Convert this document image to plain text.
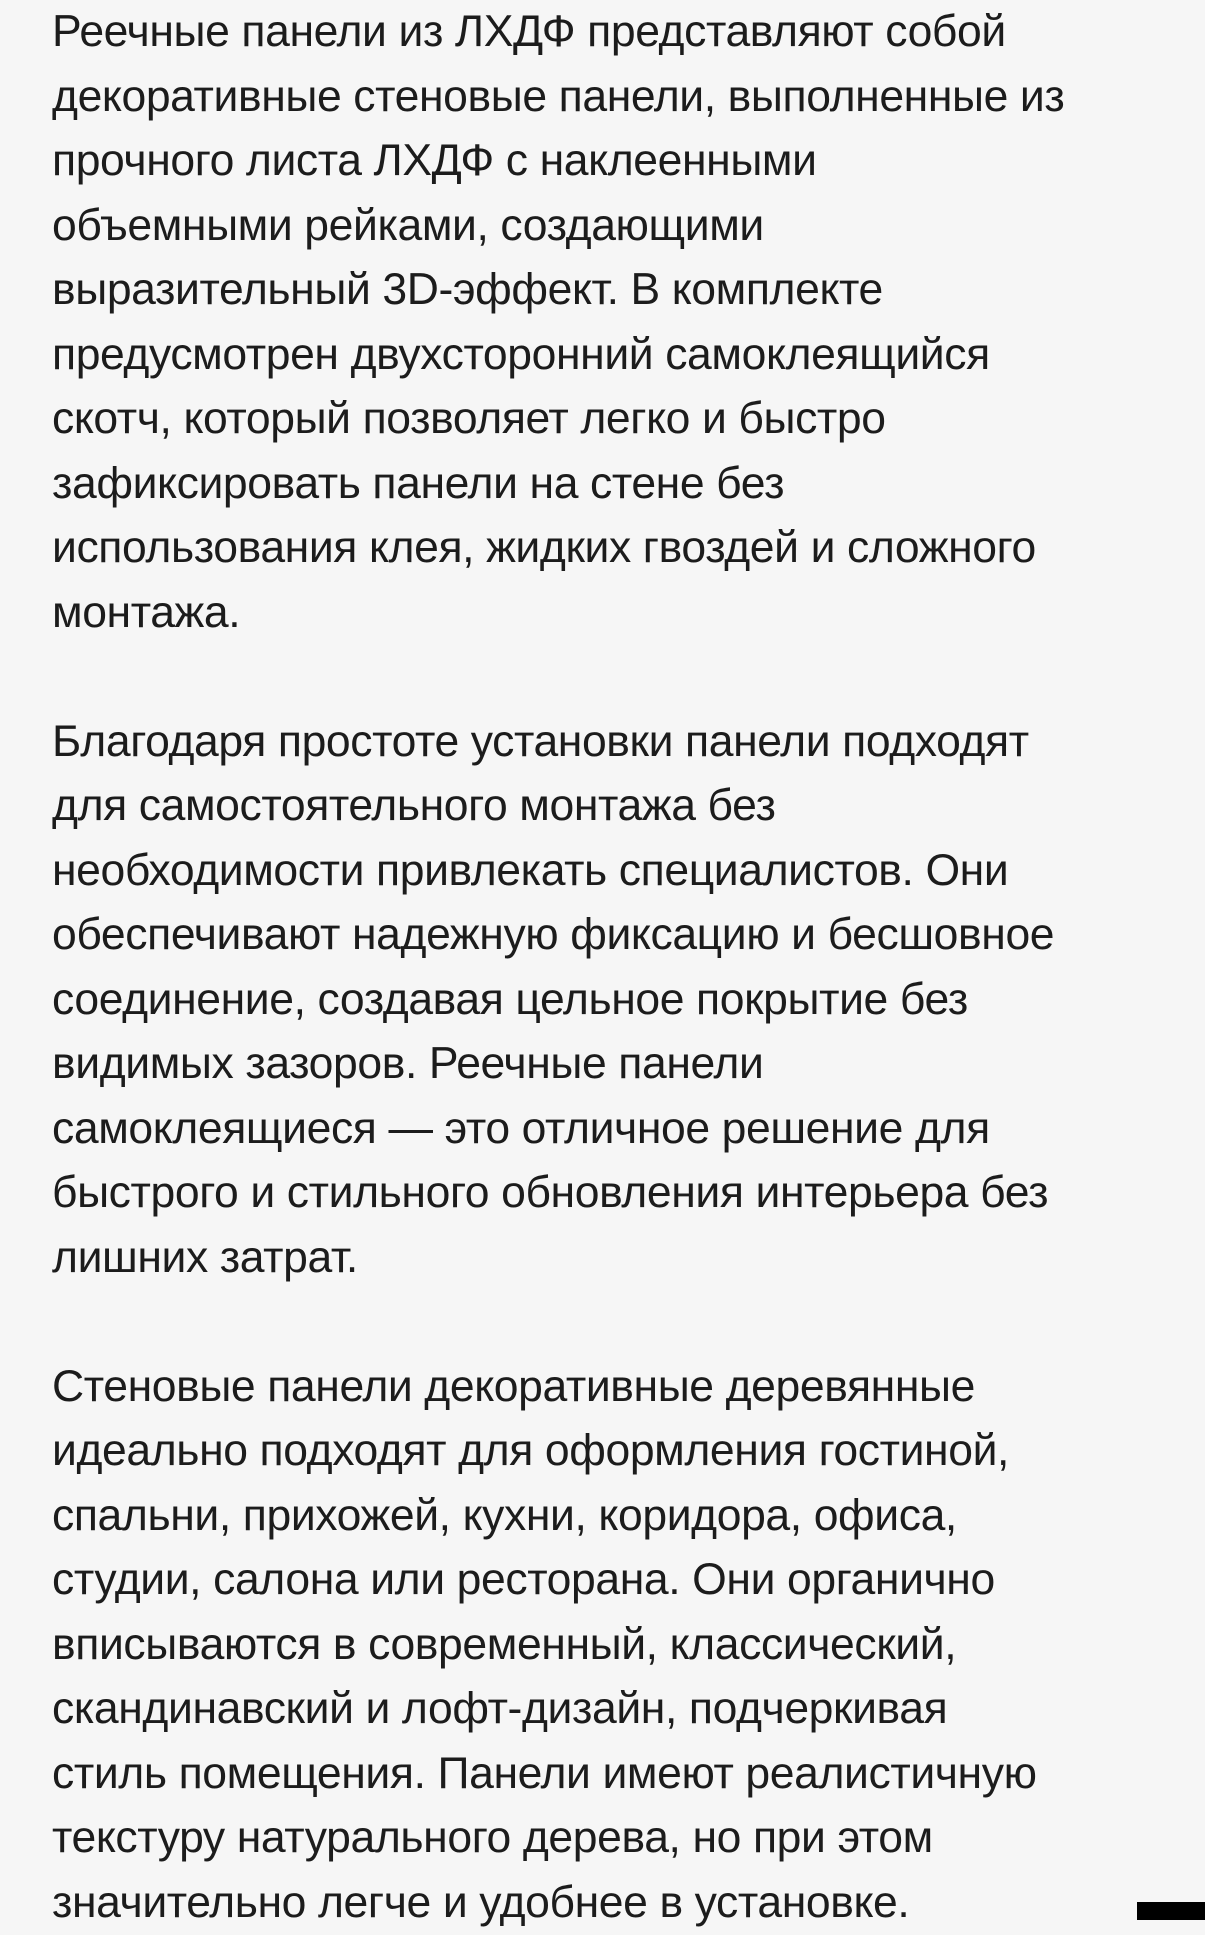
Реечные панели из ЛХДФ представляют собой
декоративные стеновые панели, выполненные из
прочного листа ЛХДФ с наклеенными
объемными рейками, создающими
выразительный 3D-эффект. В комплекте
предусмотрен двухсторонний самоклеящийся
скотч, который позволяет легко и быстро
зафиксировать панели на стене без
использования клея, жидких гвоздей и сложного
монтажа.
Благодаря простоте установки панели подходят
для самостоятельного монтажа без
необходимости привлекать специалистов. Они
обеспечивают надежную фиксацию и бесшовное
соединение, создавая цельное покрытие без
видимых зазоров. Реечные панели
самоклеящиеся — это отличное решение для
быстрого и стильного обновления интерьера без
лишних затрат.
Стеновые панели декоративные деревянные
идеально подходят для оформления гостиной,
спальни, прихожей, кухни, коридора, офиса,
студии, салона или ресторана. Они органично
вписываются в современный, классический,
скандинавский и лофт-дизайн, подчеркивая
стиль помещения. Панели имеют реалистичную
текстуру натурального дерева, но при этом
значительно легче и удобнее в установке.
